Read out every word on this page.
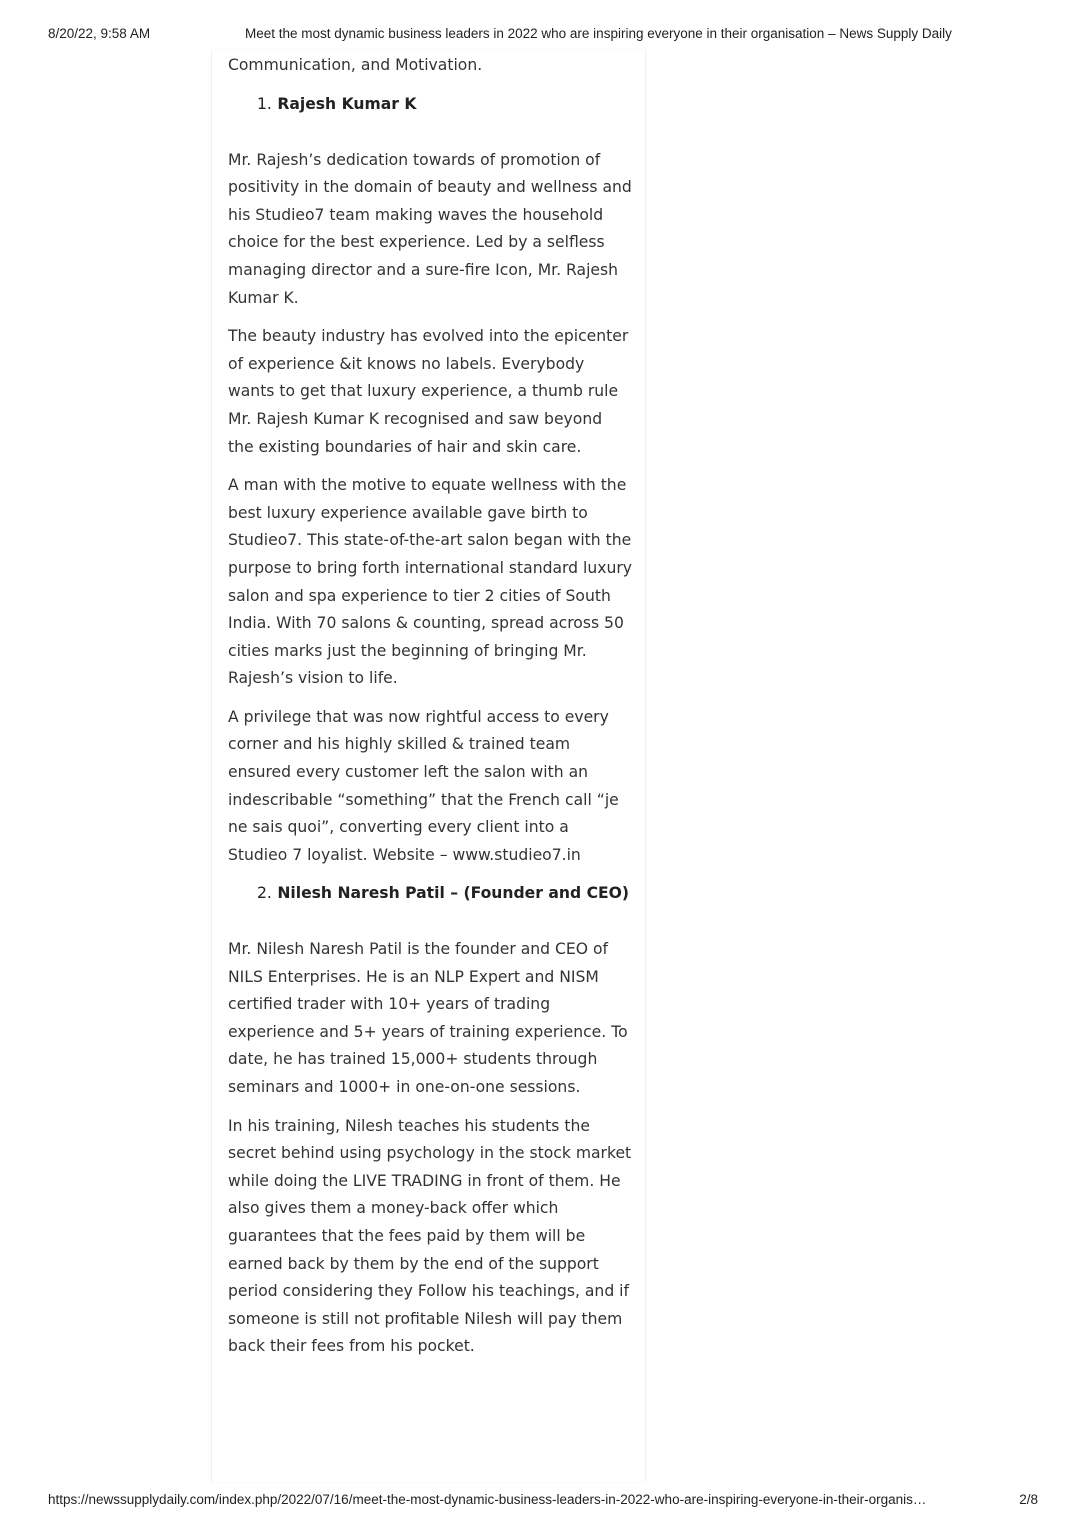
8/20/22, 9:58 AM	Meet the most dynamic business leaders in 2022 who are inspiring everyone in their organisation – News Supply Daily

Communication, and Motivation.

1. Rajesh Kumar K

Mr. Rajesh’s dedication towards of promotion of positivity in the domain of beauty and wellness and his Studieo7 team making waves the household choice for the best experience. Led by a selfless managing director and a sure-fire Icon, Mr. Rajesh Kumar K.

The beauty industry has evolved into the epicenter of experience &it knows no labels. Everybody wants to get that luxury experience, a thumb rule Mr. Rajesh Kumar K recognised and saw beyond the existing boundaries of hair and skin care.

A man with the motive to equate wellness with the best luxury experience available gave birth to Studieo7. This state-of-the-art salon began with the purpose to bring forth international standard luxury salon and spa experience to tier 2 cities of South India. With 70 salons & counting, spread across 50 cities marks just the beginning of bringing Mr. Rajesh’s vision to life.

A privilege that was now rightful access to every corner and his highly skilled & trained team ensured every customer left the salon with an indescribable “something” that the French call “je ne sais quoi”, converting every client into a Studieo 7 loyalist. Website – www.studieo7.in

2. Nilesh Naresh Patil – (Founder and CEO)

Mr. Nilesh Naresh Patil is the founder and CEO of NILS Enterprises. He is an NLP Expert and NISM certified trader with 10+ years of trading experience and 5+ years of training experience. To date, he has trained 15,000+ students through seminars and 1000+ in one-on-one sessions.

In his training, Nilesh teaches his students the secret behind using psychology in the stock market while doing the LIVE TRADING in front of them. He also gives them a money-back offer which guarantees that the fees paid by them will be earned back by them by the end of the support period considering they Follow his teachings, and if someone is still not profitable Nilesh will pay them back their fees from his pocket.

https://newssupplydaily.com/index.php/2022/07/16/meet-the-most-dynamic-business-leaders-in-2022-who-are-inspiring-everyone-in-their-organis…	2/8
